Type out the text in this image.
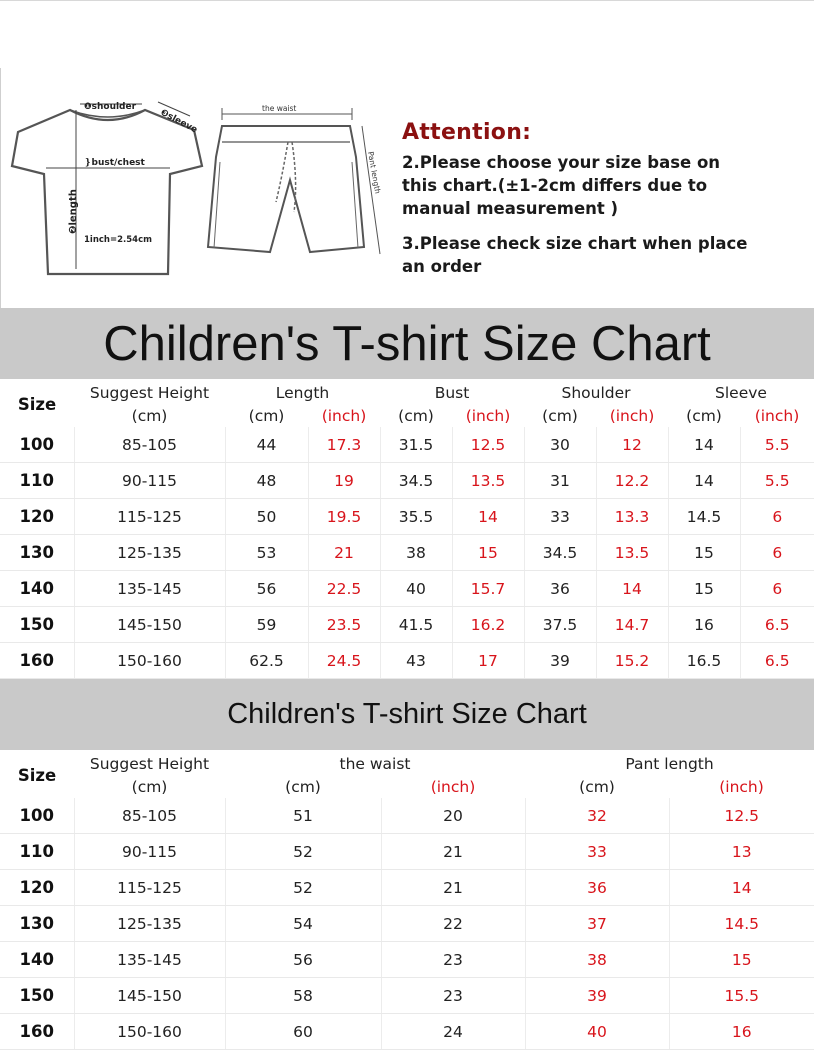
❶shoulder
❸sleeve
❵bust/chest
❷length
1inch=2.54cm
the waist
Pant length

Attention:

2.Please choose your size base on

this chart.(±1-2cm differs due to

manual measurement )

3.Please check size chart when place

an order

Children's T-shirt Size Chart
Size	Suggest Height	Length		Bust		Shoulder		Sleeve	
	(cm)	(cm)	(inch)	(cm)	(inch)	(cm)	(inch)	(cm)	(inch)
100	85-105	44	17.3	31.5	12.5	30	12	14	5.5
110	90-115	48	19	34.5	13.5	31	12.2	14	5.5
120	115-125	50	19.5	35.5	14	33	13.3	14.5	6
130	125-135	53	21	38	15	34.5	13.5	15	6
140	135-145	56	22.5	40	15.7	36	14	15	6
150	145-150	59	23.5	41.5	16.2	37.5	14.7	16	6.5
160	150-160	62.5	24.5	43	17	39	15.2	16.5	6.5
Children's T-shirt Size Chart
Size	Suggest Height	the waist		Pant length	
	(cm)	(cm)	(inch)	(cm)	(inch)
100	85-105	51	20	32	12.5
110	90-115	52	21	33	13
120	115-125	52	21	36	14
130	125-135	54	22	37	14.5
140	135-145	56	23	38	15
150	145-150	58	23	39	15.5
160	150-160	60	24	40	16
